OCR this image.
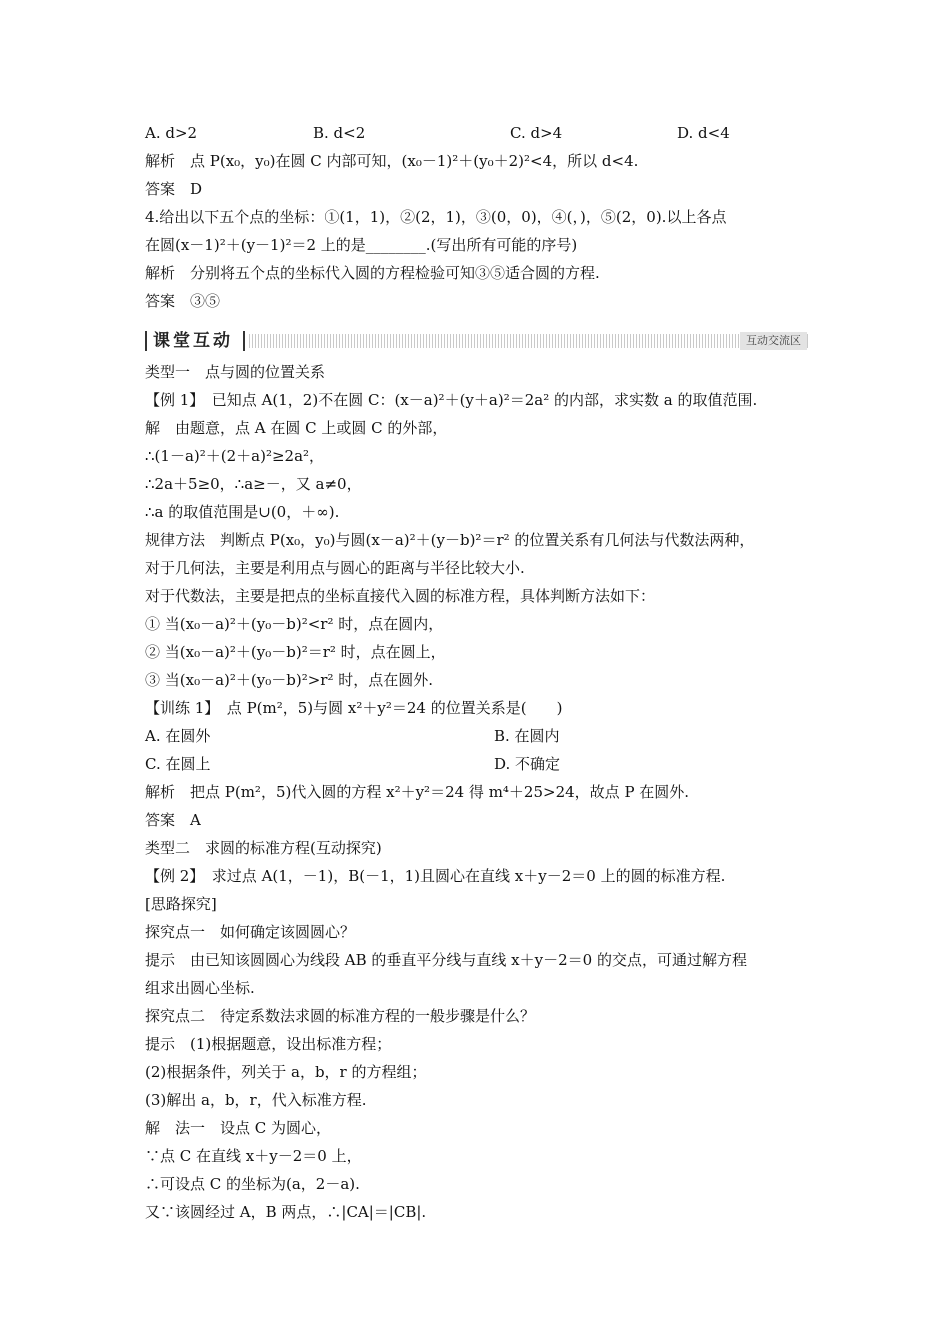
A. d>2	B. d<2	C. d>4	D. d<4
解析　点 P(x₀，y₀)在圆 C 内部可知，(x₀－1)²＋(y₀＋2)²<4，所以 d<4.
答案　D
4.给出以下五个点的坐标：①(1，1)，②(2，1)，③(0，0)，④(，)，⑤(2，0).以上各点
在圆(x－1)²＋(y－1)²＝2 上的是________.(写出所有可能的序号)
解析　分别将五个点的坐标代入圆的方程检验可知③⑤适合圆的方程.
答案　③⑤
课堂互动	互动交流区
类型一　点与圆的位置关系
【例 1】　已知点 A(1，2)不在圆 C：(x－a)²＋(y＋a)²＝2a² 的内部，求实数 a 的取值范围.
解　由题意，点 A 在圆 C 上或圆 C 的外部，
∴(1－a)²＋(2＋a)²≥2a²，
∴2a＋5≥0，∴a≥－，又 a≠0，
∴a 的取值范围是∪(0，＋∞).
规律方法　判断点 P(x₀，y₀)与圆(x－a)²＋(y－b)²＝r² 的位置关系有几何法与代数法两种，
对于几何法，主要是利用点与圆心的距离与半径比较大小.
对于代数法，主要是把点的坐标直接代入圆的标准方程，具体判断方法如下：
① 当(x₀－a)²＋(y₀－b)²<r² 时，点在圆内，
② 当(x₀－a)²＋(y₀－b)²＝r² 时，点在圆上，
③ 当(x₀－a)²＋(y₀－b)²>r² 时，点在圆外.
【训练 1】　点 P(m²，5)与圆 x²＋y²＝24 的位置关系是(　　)
A. 在圆外	B. 在圆内
C. 在圆上	D. 不确定
解析　把点 P(m²，5)代入圆的方程 x²＋y²＝24 得 m⁴＋25>24，故点 P 在圆外.
答案　A
类型二　求圆的标准方程(互动探究)
【例 2】　求过点 A(1，－1)，B(－1，1)且圆心在直线 x＋y－2＝0 上的圆的标准方程.
[思路探究]
探究点一　如何确定该圆圆心？
提示　由已知该圆圆心为线段 AB 的垂直平分线与直线 x＋y－2＝0 的交点，可通过解方程
组求出圆心坐标.
探究点二　待定系数法求圆的标准方程的一般步骤是什么？
提示　(1)根据题意，设出标准方程；
(2)根据条件，列关于 a，b，r 的方程组；
(3)解出 a，b，r，代入标准方程.
解　法一　设点 C 为圆心，
∵点 C 在直线 x＋y－2＝0 上，
∴可设点 C 的坐标为(a，2－a).
又∵该圆经过 A，B 两点，∴|CA|＝|CB|.
